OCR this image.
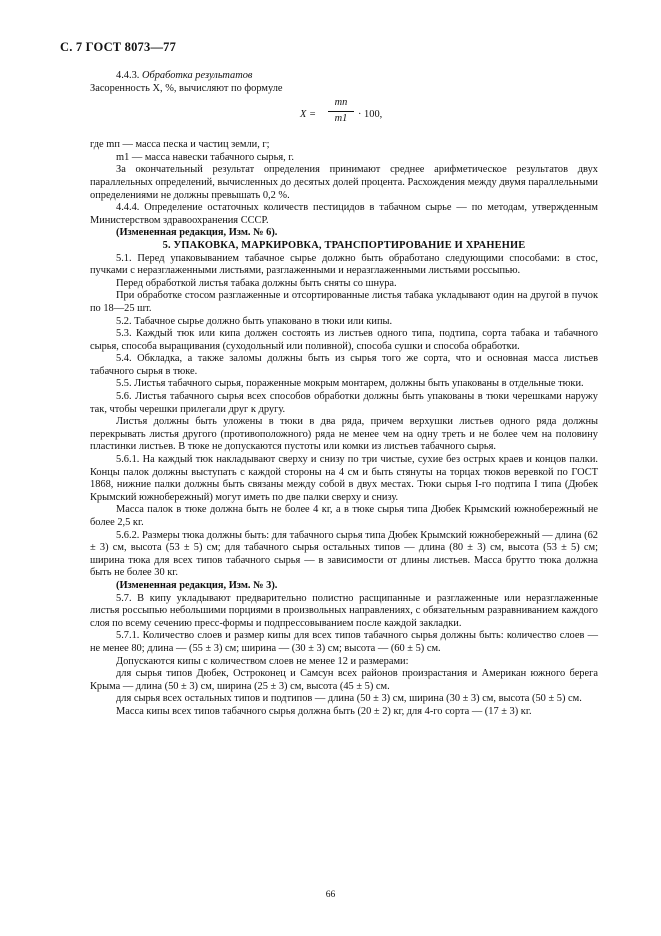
С. 7 ГОСТ 8073—77

4.4.3. Обработка результатов

Засоренность X, %, вычисляют по формуле

X =
mп
m1	· 100,

где mп — масса песка и частиц земли, г;

m1 — масса навески табачного сырья, г.

За окончательный результат определения принимают среднее арифметическое результатов двух параллельных определений, вычисленных до десятых долей процента. Расхождения между двумя параллельными определениями не должны превышать 0,2 %.

4.4.4. Определение остаточных количеств пестицидов в табачном сырье — по методам, утвержденным Министерством здравоохранения СССР.

(Измененная редакция, Изм. № 6).

5. УПАКОВКА, МАРКИРОВКА, ТРАНСПОРТИРОВАНИЕ И ХРАНЕНИЕ

5.1. Перед упаковыванием табачное сырье должно быть обработано следующими способами: в стос, пучками с неразглаженными листьями, разглаженными и неразглаженными листьями россыпью.

Перед обработкой листья табака должны быть сняты со шнура.

При обработке стосом разглаженные и отсортированные листья табака укладывают один на другой в пучок по 18—25 шт.

5.2. Табачное сырье должно быть упаковано в тюки или кипы.

5.3. Каждый тюк или кипа должен состоять из листьев одного типа, подтипа, сорта табака и табачного сырья, способа выращивания (суходольный или поливной), способа сушки и способа обработки.

5.4. Обкладка, а также заломы должны быть из сырья того же сорта, что и основная масса листьев табачного сырья в тюке.

5.5. Листья табачного сырья, пораженные мокрым монтарем, должны быть упакованы в отдельные тюки.

5.6. Листья табачного сырья всех способов обработки должны быть упакованы в тюки черешками наружу так, чтобы черешки прилегали друг к другу.

Листья должны быть уложены в тюки в два ряда, причем верхушки листьев одного ряда должны перекрывать листья другого (противоположного) ряда не менее чем на одну треть и не более чем на половину пластинки листьев. В тюке не допускаются пустоты или комки из листьев табачного сырья.

5.6.1. На каждый тюк накладывают сверху и снизу по три чистые, сухие без острых краев и концов палки. Концы палок должны выступать с каждой стороны на 4 см и быть стянуты на торцах тюков веревкой по ГОСТ 1868, нижние палки должны быть связаны между собой в двух местах. Тюки сырья I-го подтипа I типа (Дюбек Крымский южнобережный) могут иметь по две палки сверху и снизу.

Масса палок в тюке должна быть не более 4 кг, а в тюке сырья типа Дюбек Крымский южнобережный не более 2,5 кг.

5.6.2. Размеры тюка должны быть: для табачного сырья типа Дюбек Крымский южнобережный — длина (62 ± 3) см, высота (53 ± 5) см; для табачного сырья остальных типов — длина (80 ± 3) см, высота (53 ± 5) см; ширина тюка для всех типов табачного сырья — в зависимости от длины листьев. Масса брутто тюка должна быть не более 30 кг.

(Измененная редакция, Изм. № 3).

5.7. В кипу укладывают предварительно полистно расщипанные и разглаженные или неразглаженные листья россыпью небольшими порциями в произвольных направлениях, с обязательным разравниванием каждого слоя по всему сечению пресс-формы и подпрессовыванием после каждой закладки.

5.7.1. Количество слоев и размер кипы для всех типов табачного сырья должны быть: количество слоев — не менее 80; длина — (55 ± 3) см; ширина — (30 ± 3) см; высота — (60 ± 5) см.

Допускаются кипы с количеством слоев не менее 12 и размерами:

для сырья типов Дюбек, Остроконец и Самсун всех районов произрастания и Американ южного берега Крыма — длина (50 ± 3) см, ширина (25 ± 3) см, высота (45 ± 5) см.

для сырья всех остальных типов и подтипов — длина (50 ± 3) см, ширина (30 ± 3) см, высота (50 ± 5) см.

Масса кипы всех типов табачного сырья должна быть (20 ± 2) кг, для 4-го сорта — (17 ± 3) кг.

66
